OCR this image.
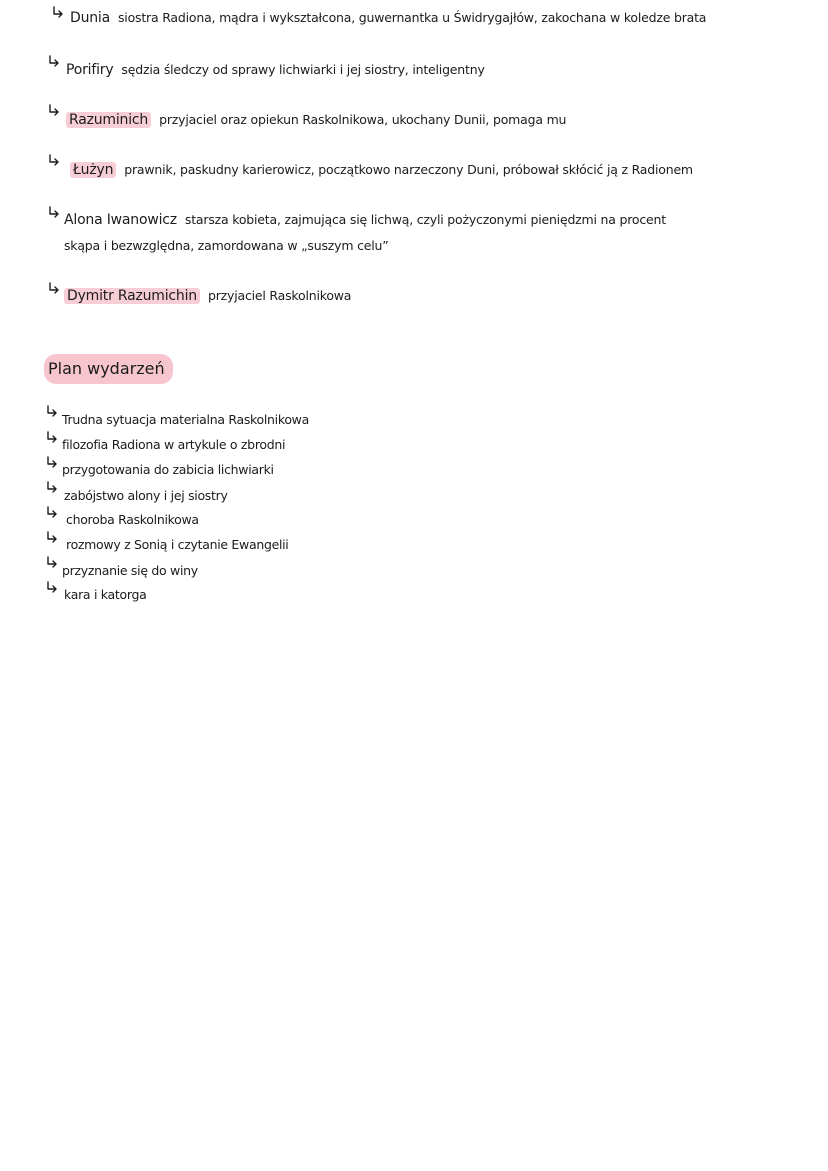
Dunia siostra Radiona, mądra i wykształcona, guwernantka u Świdrygajłów, zakochana w koledze brata
Porifiry sędzia śledczy od sprawy lichwiarki i jej siostry, inteligentny
Razuminich przyjaciel oraz opiekun Raskolnikowa, ukochany Dunii, pomaga mu
Łużyn prawnik, paskudny karierowicz, początkowo narzeczony Duni, próbował skłócić ją z Radionem
Alona Iwanowicz starsza kobieta, zajmująca się lichwą, czyli pożyczonymi pieniędzmi na procent
skąpa i bezwzględna, zamordowana w „suszym celu”
Dymitr Razumichin przyjaciel Raskolnikowa
Plan wydarzeń
Trudna sytuacja materialna Raskolnikowa
filozofia Radiona w artykule o zbrodni
przygotowania do zabicia lichwiarki
zabójstwo alony i jej siostry
choroba Raskolnikowa
rozmowy z Sonią i czytanie Ewangelii
przyznanie się do winy
kara i katorga
